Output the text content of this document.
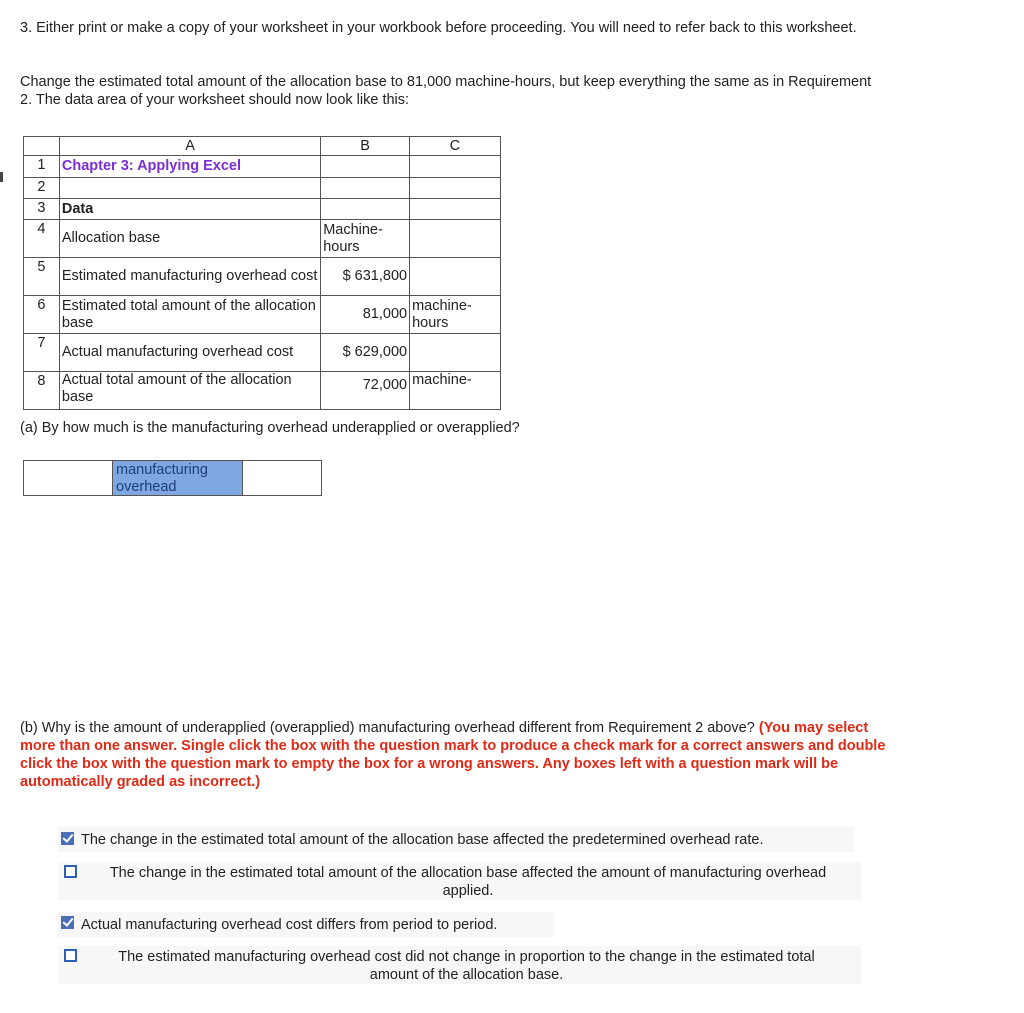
3. Either print or make a copy of your worksheet in your workbook before proceeding. You will need to refer back to this worksheet.
Change the estimated total amount of the allocation base to 81,000 machine-hours, but keep everything the same as in Requirement 2. The data area of your worksheet should now look like this:
	A	B	C
1	Chapter 3: Applying Excel		
2			
3	Data		
4	Allocation base	Machine-hours	
5	Estimated manufacturing overhead cost	$ 631,800	
6	Estimated total amount of the allocation base	81,000	machine-hours
7	Actual manufacturing overhead cost	$ 629,000	
8	Actual total amount of the allocation base	72,000	machine-
(a) By how much is the manufacturing overhead underapplied or overapplied?
manufacturing overhead
(b) Why is the amount of underapplied (overapplied) manufacturing overhead different from Requirement 2 above? (You may select more than one answer. Single click the box with the question mark to produce a check mark for a correct answers and double click the box with the question mark to empty the box for a wrong answers. Any boxes left with a question mark will be automatically graded as incorrect.)
The change in the estimated total amount of the allocation base affected the predetermined overhead rate.
The change in the estimated total amount of the allocation base affected the amount of manufacturing overhead applied.
Actual manufacturing overhead cost differs from period to period.
The estimated manufacturing overhead cost did not change in proportion to the change in the estimated total amount of the allocation base.
